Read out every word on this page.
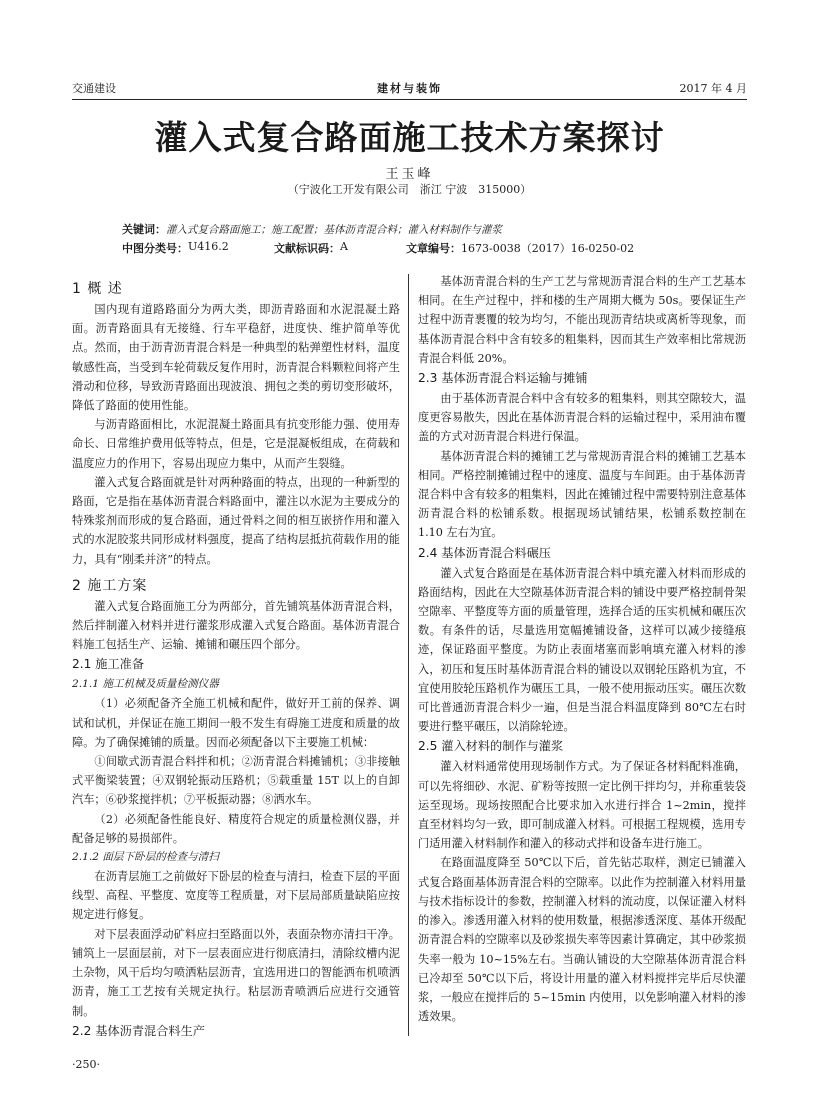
交通建设	建材与装饰	2017 年 4 月
灌入式复合路面施工技术方案探讨
王玉峰
（宁波化工开发有限公司　浙江 宁波　315000）
关键词：灌入式复合路面施工；施工配置；基体沥青混合料；灌入材料制作与灌浆
中图分类号： U416.2	文献标识码： A	文章编号： 1673-0038（2017）16-0250-02
1 概 述

国内现有道路路面分为两大类，即沥青路面和水泥混凝土路面。沥青路面具有无接缝、行车平稳舒，进度快、维护简单等优点。然而，由于沥青沥青混合料是一种典型的粘弹塑性材料，温度敏感性高，当受到车轮荷载反复作用时，沥青混合料颗粒间将产生滑动和位移，导致沥青路面出现波浪、拥包之类的剪切变形破坏，降低了路面的使用性能。

与沥青路面相比，水泥混凝土路面具有抗变形能力强、使用寿命长、日常维护费用低等特点，但是，它是混凝板组成，在荷载和温度应力的作用下，容易出现应力集中，从而产生裂缝。

灌入式复合路面就是针对两种路面的特点，出现的一种新型的路面，它是指在基体沥青混合料路面中，灌注以水泥为主要成分的特殊浆剂而形成的复合路面，通过骨料之间的相互嵌挤作用和灌入式的水泥胶浆共同形成材料强度，提高了结构层抵抗荷载作用的能力，具有“刚柔并济”的特点。

2 施工方案

灌入式复合路面施工分为两部分，首先铺筑基体沥青混合料，然后拌制灌入材料并进行灌浆形成灌入式复合路面。基体沥青混合料施工包括生产、运输、摊铺和碾压四个部分。

2.1 施工准备
2.1.1 施工机械及质量检测仪器

（1）必须配备齐全施工机械和配件，做好开工前的保养、调试和试机，并保证在施工期间一般不发生有碍施工进度和质量的故障。为了确保摊铺的质量。因而必须配备以下主要施工机械：

①间歇式沥青混合料拌和机；②沥青混合料摊铺机；③非接触式平衡梁装置；④双钢轮振动压路机；⑤载重量 15T 以上的自卸汽车；⑥砂浆搅拌机；⑦平板振动器；⑧洒水车。

（2）必须配备性能良好、精度符合规定的质量检测仪器，并配备足够的易损部件。

2.1.2 面层下卧层的检查与清扫

在沥青层施工之前做好下卧层的检查与清扫，检查下层的平面线型、高程、平整度、宽度等工程质量，对下层局部质量缺陷应按规定进行修复。

对下层表面浮动矿料应扫至路面以外，表面杂物亦清扫干净。铺筑上一层面层前，对下一层表面应进行彻底清扫，清除纹槽内泥土杂物，风干后均匀喷洒粘层沥青，宜选用进口的智能洒布机喷洒沥青，施工工艺按有关规定执行。粘层沥青喷洒后应进行交通管制。

2.2 基体沥青混合料生产

基体沥青混合料的生产工艺与常规沥青混合料的生产工艺基本相同。在生产过程中，拌和楼的生产周期大概为 50s。要保证生产过程中沥青裹覆的较为均匀，不能出现沥青结块或离析等现象，而基体沥青混合料中含有较多的粗集料，因而其生产效率相比常规沥青混合料低 20%。

2.3 基体沥青混合料运输与摊铺

由于基体沥青混合料中含有较多的粗集料，则其空隙较大，温度更容易散失，因此在基体沥青混合料的运输过程中，采用油布覆盖的方式对沥青混合料进行保温。

基体沥青混合料的摊铺工艺与常规沥青混合料的摊铺工艺基本相同。严格控制摊铺过程中的速度、温度与车间距。由于基体沥青混合料中含有较多的粗集料，因此在摊铺过程中需要特别注意基体沥青混合料的松铺系数。根据现场试铺结果，松铺系数控制在 1.10 左右为宜。

2.4 基体沥青混合料碾压

灌入式复合路面是在基体沥青混合料中填充灌入材料而形成的路面结构，因此在大空隙基体沥青混合料的铺设中要严格控制骨架空隙率、平整度等方面的质量管理，选择合适的压实机械和碾压次数。有条件的话，尽量选用宽幅摊铺设备，这样可以减少接缝痕迹，保证路面平整度。为防止表面堵塞而影响填充灌入材料的渗入，初压和复压时基体沥青混合料的铺设以双钢轮压路机为宜，不宜使用胶轮压路机作为碾压工具，一般不使用振动压实。碾压次数可比普通沥青混合料少一遍，但是当混合料温度降到 80℃左右时要进行整平碾压，以消除轮迹。

2.5 灌入材料的制作与灌浆

灌入材料通常使用现场制作方式。为了保证各材料配料准确，可以先将细砂、水泥、矿粉等按照一定比例干拌均匀，并称重装袋运至现场。现场按照配合比要求加入水进行拌合 1~2min，搅拌直至材料均匀一致，即可制成灌入材料。可根据工程规模，选用专门适用灌入材料制作和灌入的移动式拌和设备车进行施工。

在路面温度降至 50℃以下后，首先钻芯取样，测定已铺灌入式复合路面基体沥青混合料的空隙率。以此作为控制灌入材料用量与技术指标设计的参数，控制灌入材料的流动度，以保证灌入材料的渗入。渗透用灌入材料的使用数量，根据渗透深度、基体开级配沥青混合料的空隙率以及砂浆损失率等因素计算确定，其中砂浆损失率一般为 10~15%左右。当确认铺设的大空隙基体沥青混合料已冷却至 50℃以下后，将设计用量的灌入材料搅拌完毕后尽快灌浆，一般应在搅拌后的 5~15min 内使用，以免影响灌入材料的渗透效果。

·250·
